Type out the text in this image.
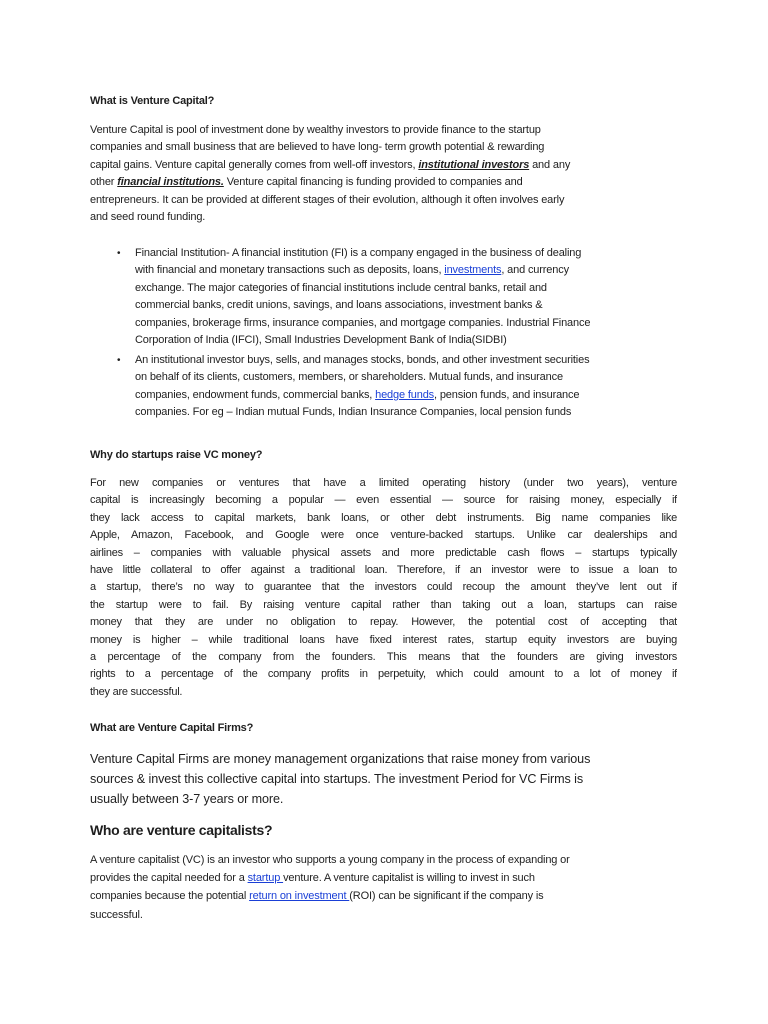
What is Venture Capital?
Venture Capital is pool of investment done by wealthy investors to provide finance to the startup
companies and small business that are believed to have long- term growth potential & rewarding
capital gains. Venture capital generally comes from well-off investors, institutional investors and any
other financial institutions. Venture capital financing is funding provided to companies and
entrepreneurs. It can be provided at different stages of their evolution, although it often involves early
and seed round funding.
• Financial Institution- A financial institution (FI) is a company engaged in the business of dealing
with financial and monetary transactions such as deposits, loans, investments, and currency
exchange. The major categories of financial institutions include central banks, retail and
commercial banks, credit unions, savings, and loans associations, investment banks &
companies, brokerage firms, insurance companies, and mortgage companies. Industrial Finance
Corporation of India (IFCI), Small Industries Development Bank of India(SIDBI)
• An institutional investor buys, sells, and manages stocks, bonds, and other investment securities
on behalf of its clients, customers, members, or shareholders. Mutual funds, and insurance
companies, endowment funds, commercial banks, hedge funds, pension funds, and insurance
companies. For eg – Indian mutual Funds, Indian Insurance Companies, local pension funds
Why do startups raise VC money?
For new companies or ventures that have a limited operating history (under two years), venture
capital is increasingly becoming a popular — even essential — source for raising money, especially if
they lack access to capital markets, bank loans, or other debt instruments. Big name companies like
Apple, Amazon, Facebook, and Google were once venture-backed startups. Unlike car dealerships and
airlines – companies with valuable physical assets and more predictable cash flows – startups typically
have little collateral to offer against a traditional loan. Therefore, if an investor were to issue a loan to
a startup, there’s no way to guarantee that the investors could recoup the amount they’ve lent out if
the startup were to fail. By raising venture capital rather than taking out a loan, startups can raise
money that they are under no obligation to repay. However, the potential cost of accepting that
money is higher – while traditional loans have fixed interest rates, startup equity investors are buying
a percentage of the company from the founders. This means that the founders are giving investors
rights to a percentage of the company profits in perpetuity, which could amount to a lot of money if
they are successful.
What are Venture Capital Firms?
Venture Capital Firms are money management organizations that raise money from various
sources & invest this collective capital into startups. The investment Period for VC Firms is
usually between 3-7 years or more.
Who are venture capitalists?
A venture capitalist (VC) is an investor who supports a young company in the process of expanding or
provides the capital needed for a startup venture. A venture capitalist is willing to invest in such
companies because the potential return on investment (ROI) can be significant if the company is
successful.
